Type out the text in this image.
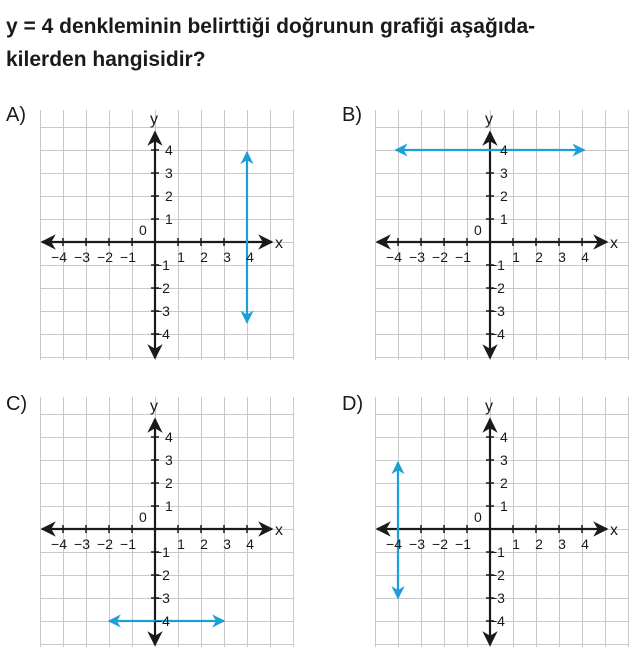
y = 4 denkleminin belirttiği doğrunun grafiği aşağıda-
kilerden hangisidir?
A)
−4 −3 −2 −1	1 2 3 4
4
3
2
1
−1
−2
−3
−4
0
x
y	B)
−4 −3 −2 −1	1 2 3 4
4
3
2
1
−1
−2
−3
−4
0
x
y
C)
−4 −3 −2 −1	1 2 3 4
4
3
2
1
−1
−2
−3
−4
0
x
y	D)
−4 −3 −2 −1	1 2 3 4
4
3
2
1
−1
−2
−3
−4
0
x
y
